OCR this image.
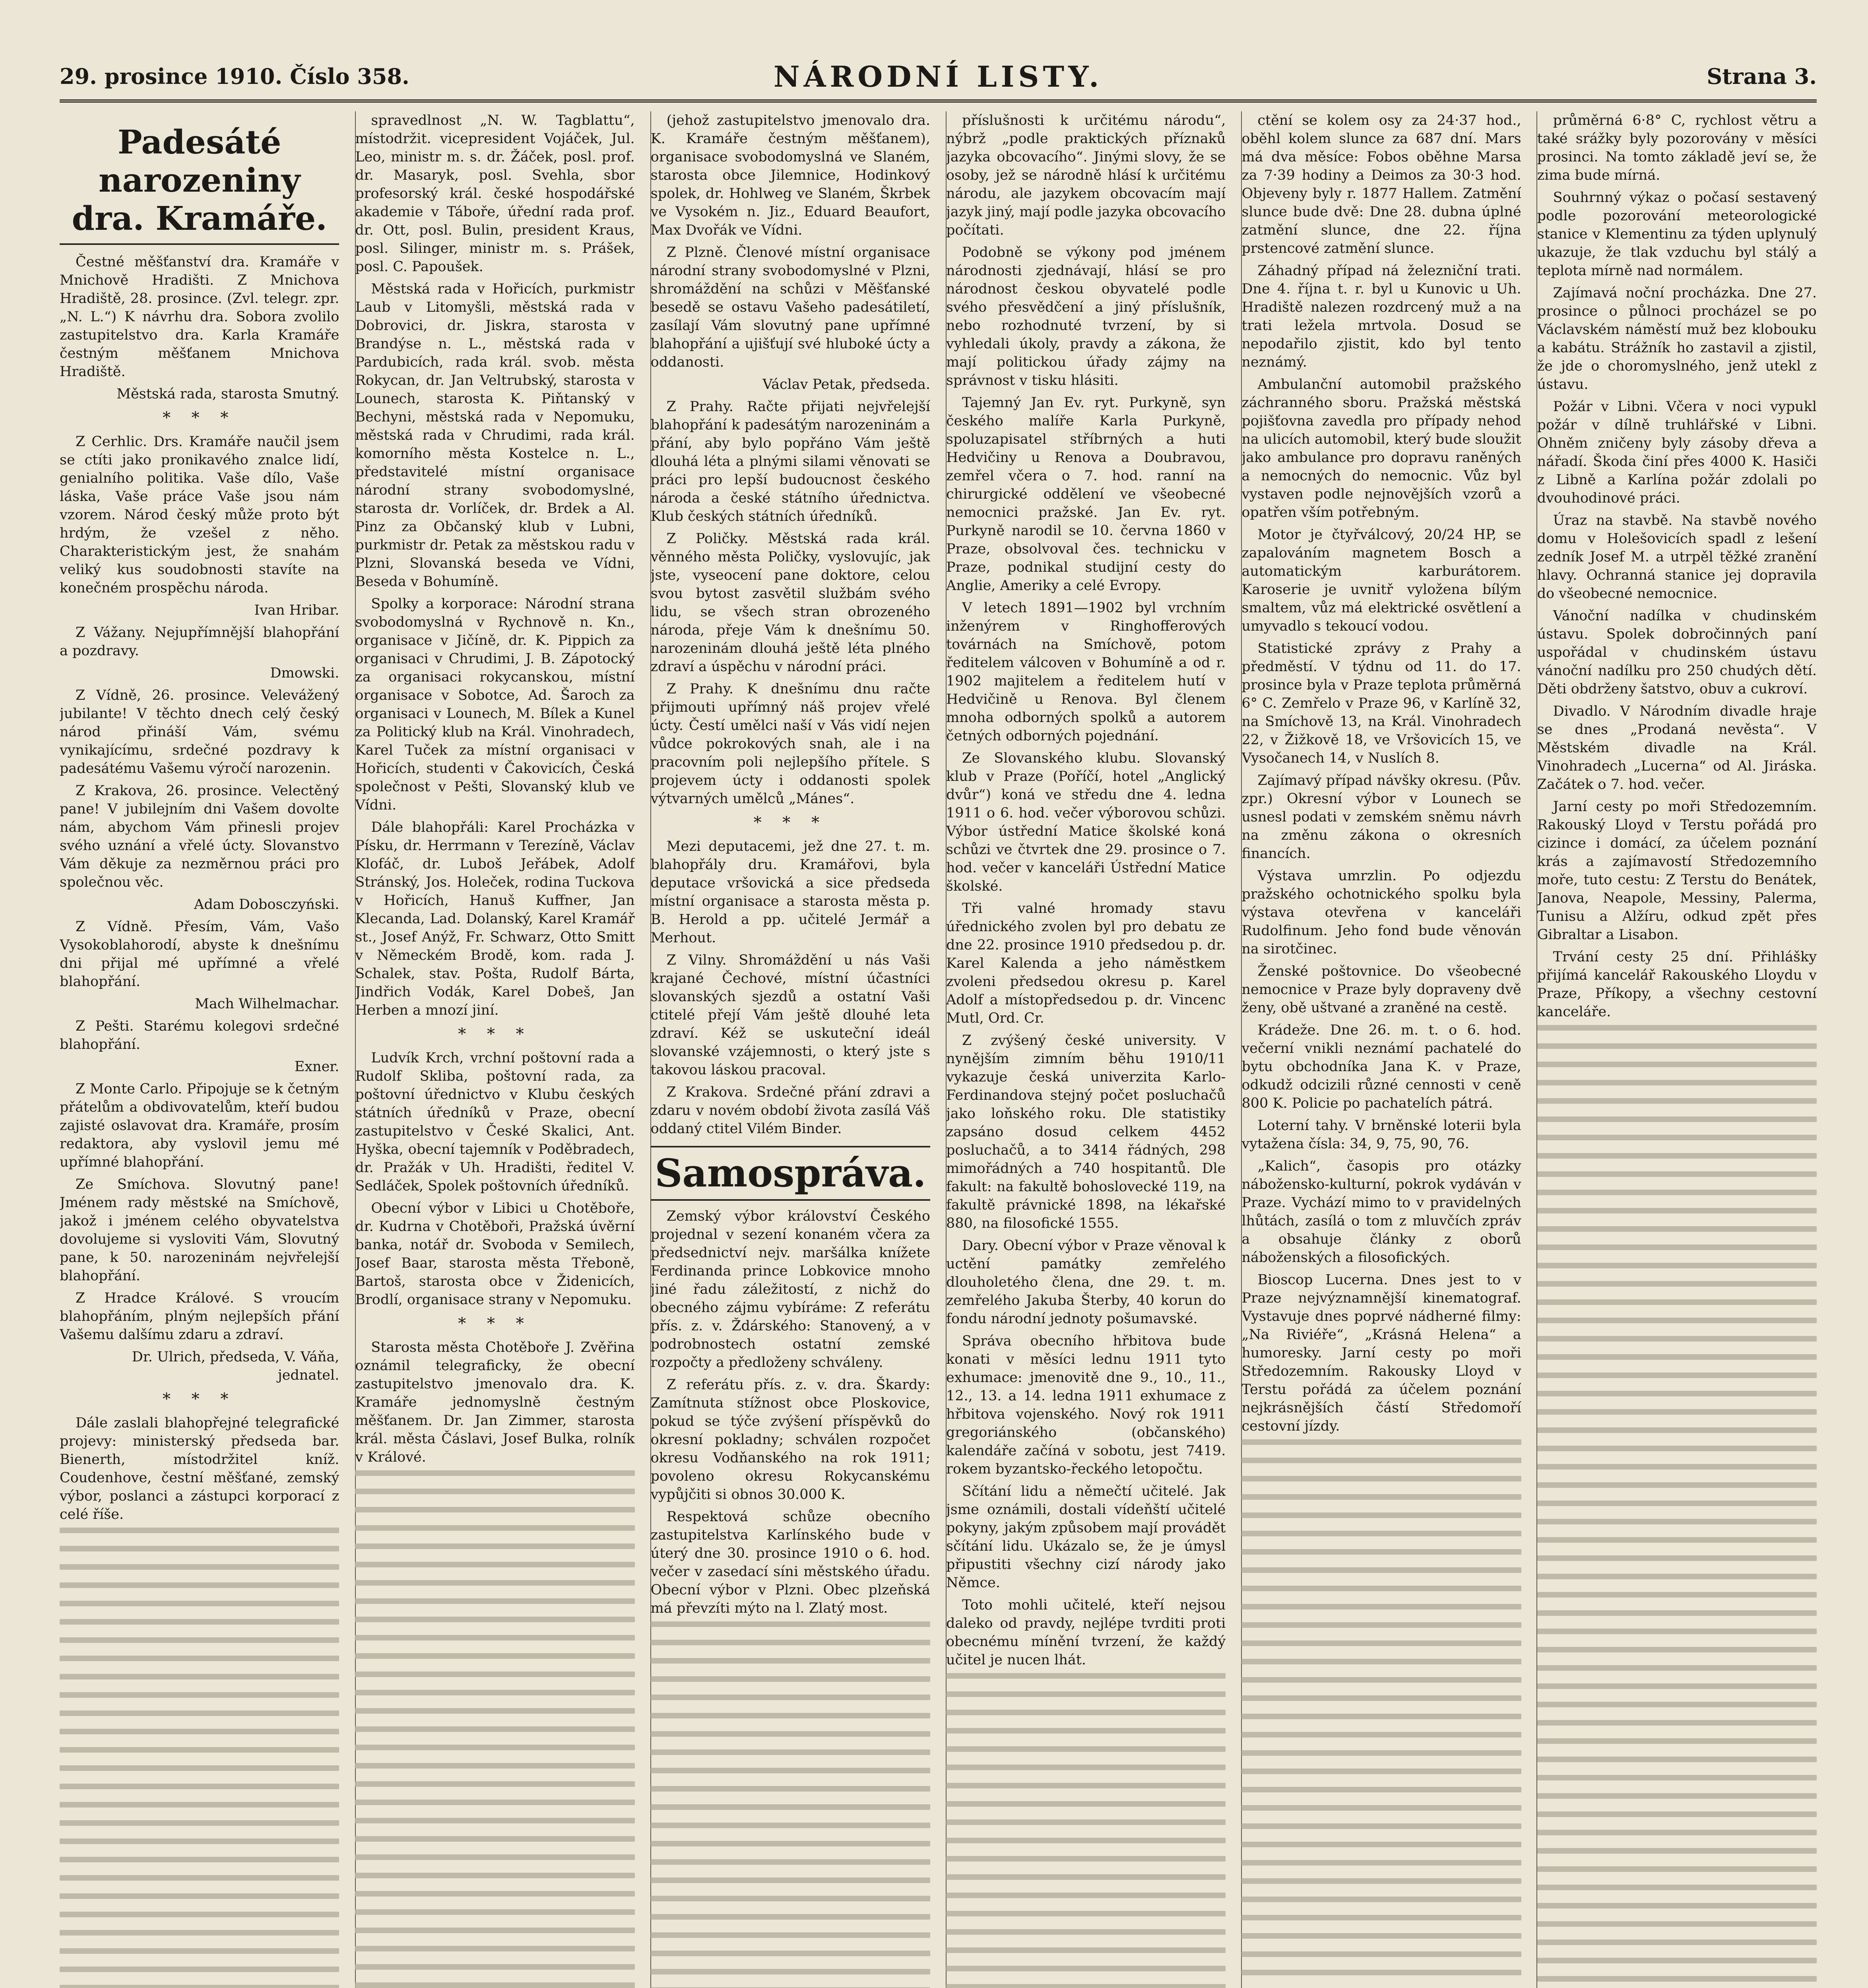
29. prosince 1910. Číslo 358.	NÁRODNÍ LISTY.	Strana 3.
Padesáté narozeniny dra. Kramáře.

Čestné měšťanství dra. Kramáře v Mnichově Hradišti. Z Mnichova Hradiště, 28. prosince. (Zvl. telegr. zpr. „N. L.“) K návrhu dra. Sobora zvolilo zastupitelstvo dra. Karla Kramáře čestným měšťanem Mnichova Hradiště.

Městská rada, starosta Smutný.

* * *

Z Cerhlic. Drs. Kramáře naučil jsem se ctíti jako pronikavého znalce lidí, genialního politika. Vaše dílo, Vaše láska, Vaše práce Vaše jsou nám vzorem. Národ český může proto být hrdým, že vzešel z něho. Charakteristickým jest, že snahám veliký kus soudobnosti stavíte na konečném prospěchu národa.

Ivan Hribar.

Z Vážany. Nejupřímnější blahopřání a pozdravy.

Dmowski.

Z Vídně, 26. prosince. Velevážený jubilante! V těchto dnech celý český národ přináší Vám, svému vynikajícímu, srdečné pozdravy k padesátému Vašemu výročí narozenin.

Z Krakova, 26. prosince. Velectěný pane! V jubilejním dni Vašem dovolte nám, abychom Vám přinesli projev svého uznání a vřelé úcty. Slovanstvo Vám děkuje za nezměrnou práci pro společnou věc.

Adam Dobosczyński.

Z Vídně. Přesím, Vám, Vašo Vysokoblahorodí, abyste k dnešnímu dni přijal mé upřímné a vřelé blahopřání.

Mach Wilhelmachar.

Z Pešti. Starému kolegovi srdečné blahopřání.

Exner.

Z Monte Carlo. Připojuje se k četným přátelům a obdivovatelům, kteří budou zajisté oslavovat dra. Kramáře, prosím redaktora, aby vyslovil jemu mé upřímné blahopřání.

Ze Smíchova. Slovutný pane! Jménem rady městské na Smíchově, jakož i jménem celého obyvatelstva dovolujeme si vysloviti Vám, Slovutný pane, k 50. narozeninám nejvřelejší blahopřání.

Z Hradce Králové. S vroucím blahopřáním, plným nejlepších přání Vašemu dalšímu zdaru a zdraví.

Dr. Ulrich, předseda, V. Váňa, jednatel.

* * *

Dále zaslali blahopřejné telegrafické projevy: ministerský předseda bar. Bienerth, místodržitel kníž. Coudenhove, čestní měšťané, zemský výbor, poslanci a zástupci korporací z celé říše.

spravedlnost „N. W. Tagblattu“, místodržit. vicepresident Vojáček, Jul. Leo, ministr m. s. dr. Žáček, posl. prof. dr. Masaryk, posl. Svehla, sbor profesorský král. české hospodářské akademie v Táboře, úřední rada prof. dr. Ott, posl. Bulin, president Kraus, posl. Silinger, ministr m. s. Prášek, posl. C. Papoušek.

Městská rada v Hořicích, purkmistr Laub v Litomyšli, městská rada v Dobrovici, dr. Jiskra, starosta v Brandýse n. L., městská rada v Pardubicích, rada král. svob. města Rokycan, dr. Jan Veltrubský, starosta v Lounech, starosta K. Piňtanský v Bechyni, městská rada v Nepomuku, městská rada v Chrudimi, rada král. komorního města Kostelce n. L., představitelé místní organisace národní strany svobodomyslné, starosta dr. Vorlíček, dr. Brdek a Al. Pinz za Občanský klub v Lubni, purkmistr dr. Petak za městskou radu v Plzni, Slovanská beseda ve Vídni, Beseda v Bohumíně.

Spolky a korporace: Národní strana svobodomyslná v Rychnově n. Kn., organisace v Jičíně, dr. K. Pippich za organisaci v Chrudimi, J. B. Zápotocký za organisaci rokycanskou, místní organisace v Sobotce, Ad. Šaroch za organisaci v Lounech, M. Bílek a Kunel za Politický klub na Král. Vinohradech, Karel Tuček za místní organisaci v Hořicích, studenti v Čakovicích, Česká společnost v Pešti, Slovanský klub ve Vídni.

Dále blahopřáli: Karel Procházka v Písku, dr. Herrmann v Terezíně, Václav Klofáč, dr. Luboš Jeřábek, Adolf Stránský, Jos. Holeček, rodina Tuckova v Hořicích, Hanuš Kuffner, Jan Klecanda, Lad. Dolanský, Karel Kramář st., Josef Anýž, Fr. Schwarz, Otto Smitt v Německém Brodě, kom. rada J. Schalek, stav. Pošta, Rudolf Bárta, Jindřich Vodák, Karel Dobeš, Jan Herben a mnozí jiní.

* * *

Ludvík Krch, vrchní poštovní rada a Rudolf Skliba, poštovní rada, za poštovní úřednictvo v Klubu českých státních úředníků v Praze, obecní zastupitelstvo v České Skalici, Ant. Hyška, obecní tajemník v Poděbradech, dr. Pražák v Uh. Hradišti, ředitel V. Sedláček, Spolek poštovních úředníků.

Obecní výbor v Libici u Chotěboře, dr. Kudrna v Chotěboři, Pražská úvěrní banka, notář dr. Svoboda v Semilech, Josef Baar, starosta města Třeboně, Bartoš, starosta obce v Židenicích, Brodlí, organisace strany v Nepomuku.

* * *

Starosta města Chotěboře J. Zvěřina oznámil telegraficky, že obecní zastupitelstvo jmenovalo dra. K. Kramáře jednomyslně čestným měšťanem. Dr. Jan Zimmer, starosta král. města Čáslavi, Josef Bulka, rolník v Králové.

(jehož zastupitelstvo jmenovalo dra. K. Kramáře čestným měšťanem), organisace svobodomyslná ve Slaném, starosta obce Jilemnice, Hodinkový spolek, dr. Hohlweg ve Slaném, Škrbek ve Vysokém n. Jiz., Eduard Beaufort, Max Dvořák ve Vídni.

Z Plzně. Členové místní organisace národní strany svobodomyslné v Plzni, shromáždění na schůzi v Měšťanské besedě se ostavu Vašeho padesátiletí, zasílají Vám slovutný pane upřímné blahopřání a ujišťují své hluboké úcty a oddanosti.

Václav Petak, předseda.

Z Prahy. Račte přijati nejvřelejší blahopřání k padesátým narozeninám a přání, aby bylo popřáno Vám ještě dlouhá léta a plnými silami věnovati se práci pro lepší budoucnost českého národa a české státního úřednictva. Klub českých státních úředníků.

Z Poličky. Městská rada král. věnného města Poličky, vyslovujíc, jak jste, vyseocení pane doktore, celou svou bytost zasvětil službám svého lidu, se všech stran obrozeného národa, přeje Vám k dnešnímu 50. narozeninám dlouhá ještě léta plného zdraví a úspěchu v národní práci.

Z Prahy. K dnešnímu dnu račte přijmouti upřímný náš projev vřelé úcty. Čestí umělci naší v Vás vidí nejen vůdce pokrokových snah, ale i na pracovním poli nejlepšího přítele. S projevem úcty i oddanosti spolek výtvarných umělců „Mánes“.

* * *

Mezi deputacemi, jež dne 27. t. m. blahopřály dru. Kramářovi, byla deputace vršovická a sice předseda místní organisace a starosta města p. B. Herold a pp. učitelé Jermář a Merhout.

Z Vilny. Shromáždění u nás Vaši krajané Čechové, místní účastníci slovanských sjezdů a ostatní Vaši ctitelé přejí Vám ještě dlouhé leta zdraví. Kéž se uskuteční ideál slovanské vzájemnosti, o který jste s takovou láskou pracoval.

Z Krakova. Srdečné přání zdravi a zdaru v novém období života zasílá Váš oddaný ctitel Vilém Binder.

Samospráva.

Zemský výbor království Českého projednal v sezení konaném včera za předsednictví nejv. maršálka knížete Ferdinanda prince Lobkovice mnoho jiné řadu záležitostí, z nichž do obecného zájmu vybíráme: Z referátu přís. z. v. Ždárského: Stanovený, a v podrobnostech ostatní zemské rozpočty a předloženy schváleny.

Z referátu přís. z. v. dra. Škardy: Zamítnuta stížnost obce Ploskovice, pokud se týče zvýšení příspěvků do okresní pokladny; schválen rozpočet okresu Vodňanského na rok 1911; povoleno okresu Rokycanskému vypůjčiti si obnos 30.000 K.

Respektová schůze obecního zastupitelstva Karlínského bude v úterý dne 30. prosince 1910 o 6. hod. večer v zasedací síni městského úřadu. Obecní výbor v Plzni. Obec plzeňská má převzíti mýto na l. Zlatý most.

příslušnosti k určitému národu“, nýbrž „podle praktických příznaků jazyka obcovacího“. Jinými slovy, že se osoby, jež se národně hlásí k určitému národu, ale jazykem obcovacím mají jazyk jiný, mají podle jazyka obcovacího počítati.

Podobně se výkony pod jménem národnosti zjednávají, hlásí se pro národnost českou obyvatelé podle svého přesvědčení a jiný příslušník, nebo rozhodnuté tvrzení, by si vyhledali úkoly, pravdy a zákona, že mají politickou úřady zájmy na správnost v tisku hlásiti.

Tajemný Jan Ev. ryt. Purkyně, syn českého malíře Karla Purkyně, spoluzapisatel stříbrných a huti Hedvičiny u Renova a Doubravou, zemřel včera o 7. hod. ranní na chirurgické oddělení ve všeobecné nemocnici pražské. Jan Ev. ryt. Purkyně narodil se 10. června 1860 v Praze, obsolvoval čes. technicku v Praze, podnikal studijní cesty do Anglie, Ameriky a celé Evropy.

V letech 1891—1902 byl vrchním inženýrem v Ringhofferových továrnách na Smíchově, potom ředitelem válcoven v Bohumíně a od r. 1902 majitelem a ředitelem hutí v Hedvičině u Renova. Byl členem mnoha odborných spolků a autorem četných odborných pojednání.

Ze Slovanského klubu. Slovanský klub v Praze (Poříčí, hotel „Anglický dvůr“) koná ve středu dne 4. ledna 1911 o 6. hod. večer výborovou schůzi. Výbor ústřední Matice školské koná schůzi ve čtvrtek dne 29. prosince o 7. hod. večer v kanceláři Ústřední Matice školské.

Tři valné hromady stavu úřednického zvolen byl pro debatu ze dne 22. prosince 1910 předsedou p. dr. Karel Kalenda a jeho náměstkem zvoleni předsedou okresu p. Karel Adolf a místopředsedou p. dr. Vincenc Mutl, Ord. Cr.

Z zvýšený české university. V nynějším zimním běhu 1910/11 vykazuje česká univerzita Karlo-Ferdinandova stejný počet posluchačů jako loňského roku. Dle statistiky zapsáno dosud celkem 4452 posluchačů, a to 3414 řádných, 298 mimořádných a 740 hospitantů. Dle fakult: na fakultě bohoslovecké 119, na fakultě právnické 1898, na lékařské 880, na filosofické 1555.

Dary. Obecní výbor v Praze věnoval k uctění památky zemřelého dlouholetého člena, dne 29. t. m. zemřelého Jakuba Šterby, 40 korun do fondu národní jednoty pošumavské.

Správa obecního hřbitova bude konati v měsíci lednu 1911 tyto exhumace: jmenovitě dne 9., 10., 11., 12., 13. a 14. ledna 1911 exhumace z hřbitova vojenského. Nový rok 1911 gregoriánského (občanského) kalendáře začíná v sobotu, jest 7419. rokem byzantsko-řeckého letopočtu.

Sčítání lidu a němečtí učitelé. Jak jsme oznámili, dostali vídeňští učitelé pokyny, jakým způsobem mají provádět sčítání lidu. Ukázalo se, že je úmysl připustiti všechny cizí národy jako Němce.

Toto mohli učitelé, kteří nejsou daleko od pravdy, nejlépe tvrditi proti obecnému mínění tvrzení, že každý učitel je nucen lhát.

ctění se kolem osy za 24·37 hod., oběhl kolem slunce za 687 dní. Mars má dva měsíce: Fobos oběhne Marsa za 7·39 hodiny a Deimos za 30·3 hod. Objeveny byly r. 1877 Hallem. Zatmění slunce bude dvě: Dne 28. dubna úplné zatmění slunce, dne 22. října prstencové zatmění slunce.

Záhadný případ ná železniční trati. Dne 4. října t. r. byl u Kunovic u Uh. Hradiště nalezen rozdrcený muž a na trati ležela mrtvola. Dosud se nepodařilo zjistit, kdo byl tento neznámý.

Ambulanční automobil pražského záchranného sboru. Pražská městská pojišťovna zavedla pro případy nehod na ulicích automobil, který bude sloužit jako ambulance pro dopravu raněných a nemocných do nemocnic. Vůz byl vystaven podle nejnovějších vzorů a opatřen vším potřebným.

Motor je čtyřválcový, 20/24 HP, se zapalováním magnetem Bosch a automatickým karburátorem. Karoserie je uvnitř vyložena bílým smaltem, vůz má elektrické osvětlení a umyvadlo s tekoucí vodou.

Statistické zprávy z Prahy a předměstí. V týdnu od 11. do 17. prosince byla v Praze teplota průměrná 6° C. Zemřelo v Praze 96, v Karlíně 32, na Smíchově 13, na Král. Vinohradech 22, v Žižkově 18, ve Vršovicích 15, ve Vysočanech 14, v Nuslích 8.

Zajímavý případ návšky okresu. (Pův. zpr.) Okresní výbor v Lounech se usnesl podati v zemském sněmu návrh na změnu zákona o okresních financích.

Výstava umrzlin. Po odjezdu pražského ochotnického spolku byla výstava otevřena v kanceláři Rudolfinum. Jeho fond bude věnován na sirotčinec.

Ženské poštovnice. Do všeobecné nemocnice v Praze byly dopraveny dvě ženy, obě uštvané a zraněné na cestě.

Krádeže. Dne 26. m. t. o 6. hod. večerní vnikli neznámí pachatelé do bytu obchodníka Jana K. v Praze, odkudž odcizili různé cennosti v ceně 800 K. Policie po pachatelích pátrá.

Loterní tahy. V brněnské loterii byla vytažena čísla: 34, 9, 75, 90, 76.

„Kalich“, časopis pro otázky nábožensko-kulturní, pokrok vydáván v Praze. Vychází mimo to v pravidelných lhůtách, zasílá o tom z mluvčích zpráv a obsahuje články z oborů náboženských a filosofických.

Bioscop Lucerna. Dnes jest to v Praze nejvýznamnější kinematograf. Vystavuje dnes poprvé nádherné filmy: „Na Riviéře“, „Krásná Helena“ a humoresky. Jarní cesty po moři Středozemním. Rakousky Lloyd v Terstu pořádá za účelem poznání nejkrásnějších částí Středomoří cestovní jízdy.

průměrná 6·8° C, rychlost větru a také srážky byly pozorovány v měsíci prosinci. Na tomto základě jeví se, že zima bude mírná.

Souhrnný výkaz o počasí sestavený podle pozorování meteorologické stanice v Klementinu za týden uplynulý ukazuje, že tlak vzduchu byl stálý a teplota mírně nad normálem.

Zajímavá noční procházka. Dne 27. prosince o půlnoci procházel se po Václavském náměstí muž bez klobouku a kabátu. Strážník ho zastavil a zjistil, že jde o choromyslného, jenž utekl z ústavu.

Požár v Libni. Včera v noci vypukl požár v dílně truhlářské v Libni. Ohněm zničeny byly zásoby dřeva a nářadí. Škoda činí přes 4000 K. Hasiči z Libně a Karlína požár zdolali po dvouhodinové práci.

Úraz na stavbě. Na stavbě nového domu v Holešovicích spadl z lešení zedník Josef M. a utrpěl těžké zranění hlavy. Ochranná stanice jej dopravila do všeobecné nemocnice.

Vánoční nadílka v chudinském ústavu. Spolek dobročinných paní uspořádal v chudinském ústavu vánoční nadílku pro 250 chudých dětí. Děti obdrženy šatstvo, obuv a cukroví.

Divadlo. V Národním divadle hraje se dnes „Prodaná nevěsta“. V Městském divadle na Král. Vinohradech „Lucerna“ od Al. Jiráska. Začátek o 7. hod. večer.

Jarní cesty po moři Středozemním. Rakouský Lloyd v Terstu pořádá pro cizince i domácí, za účelem poznání krás a zajímavostí Středozemního moře, tuto cestu: Z Terstu do Benátek, Janova, Neapole, Messiny, Palerma, Tunisu a Alžíru, odkud zpět přes Gibraltar a Lisabon.

Trvání cesty 25 dní. Přihlášky přijímá kancelář Rakouského Lloydu v Praze, Příkopy, a všechny cestovní kanceláře.
